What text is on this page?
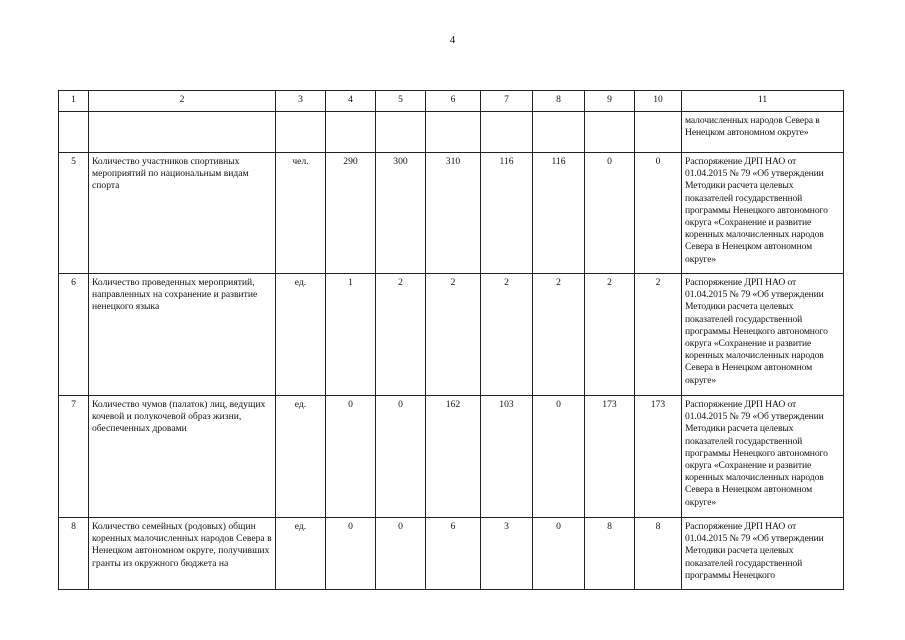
4
1	2	3	4	5	6	7	8	9	10	11
										малочисленных народов Севера в Ненецком автономном округе»
5	Количество участников спортивных мероприятий по национальным видам спорта	чел.	290	300	310	116	116	0	0	Распоряжение ДРП НАО от 01.04.2015 № 79 «Об утверждении Методики расчета целевых показателей государственной программы Ненецкого автономного округа «Сохранение и развитие коренных малочисленных народов Севера в Ненецком автономном округе»
6	Количество проведенных мероприятий, направленных на сохранение и развитие ненецкого языка	ед.	1	2	2	2	2	2	2	Распоряжение ДРП НАО от 01.04.2015 № 79 «Об утверждении Методики расчета целевых показателей государственной программы Ненецкого автономного округа «Сохранение и развитие коренных малочисленных народов Севера в Ненецком автономном округе»
7	Количество чумов (палаток) лиц, ведущих кочевой и полукочевой образ жизни, обеспеченных дровами	ед.	0	0	162	103	0	173	173	Распоряжение ДРП НАО от 01.04.2015 № 79 «Об утверждении Методики расчета целевых показателей государственной программы Ненецкого автономного округа «Сохранение и развитие коренных малочисленных народов Севера в Ненецком автономном округе»
8	Количество семейных (родовых) общин коренных малочисленных народов Севера в Ненецком автономном округе, получивших гранты из окружного бюджета на	ед.	0	0	6	3	0	8	8	Распоряжение ДРП НАО от 01.04.2015 № 79 «Об утверждении Методики расчета целевых показателей государственной программы Ненецкого
